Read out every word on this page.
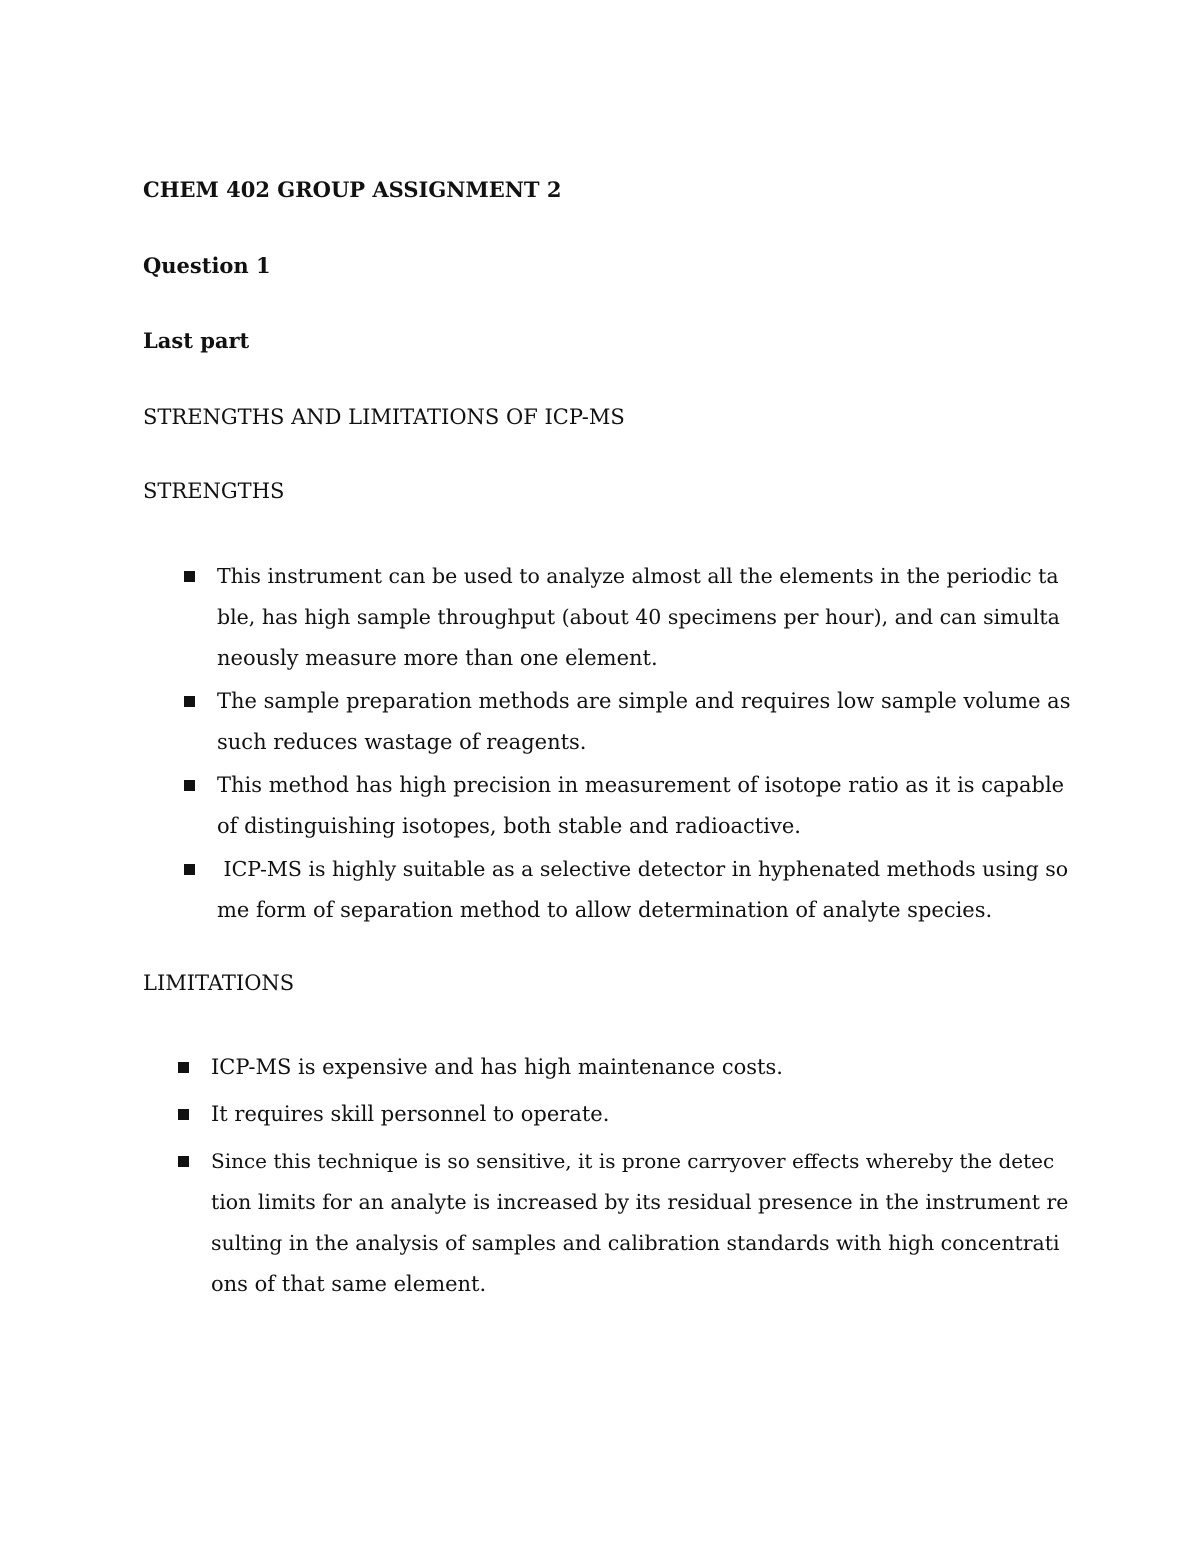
CHEM 402 GROUP ASSIGNMENT 2
Question 1
Last part
STRENGTHS AND LIMITATIONS OF ICP-MS
STRENGTHS
This instrument can be used to analyze almost all the elements in the periodic ta
ble, has high sample throughput (about 40 specimens per hour), and can simulta
neously measure more than one element.
The sample preparation methods are simple and requires low sample volume as
such reduces wastage of reagents.
This method has high precision in measurement of isotope ratio as it is capable
of distinguishing isotopes, both stable and radioactive.
ICP-MS is highly suitable as a selective detector in hyphenated methods using so
me form of separation method to allow determination of analyte species.
LIMITATIONS
ICP-MS is expensive and has high maintenance costs.
It requires skill personnel to operate.
Since this technique is so sensitive, it is prone carryover effects whereby the detec
tion limits for an analyte is increased by its residual presence in the instrument re
sulting in the analysis of samples and calibration standards with high concentrati
ons of that same element.
